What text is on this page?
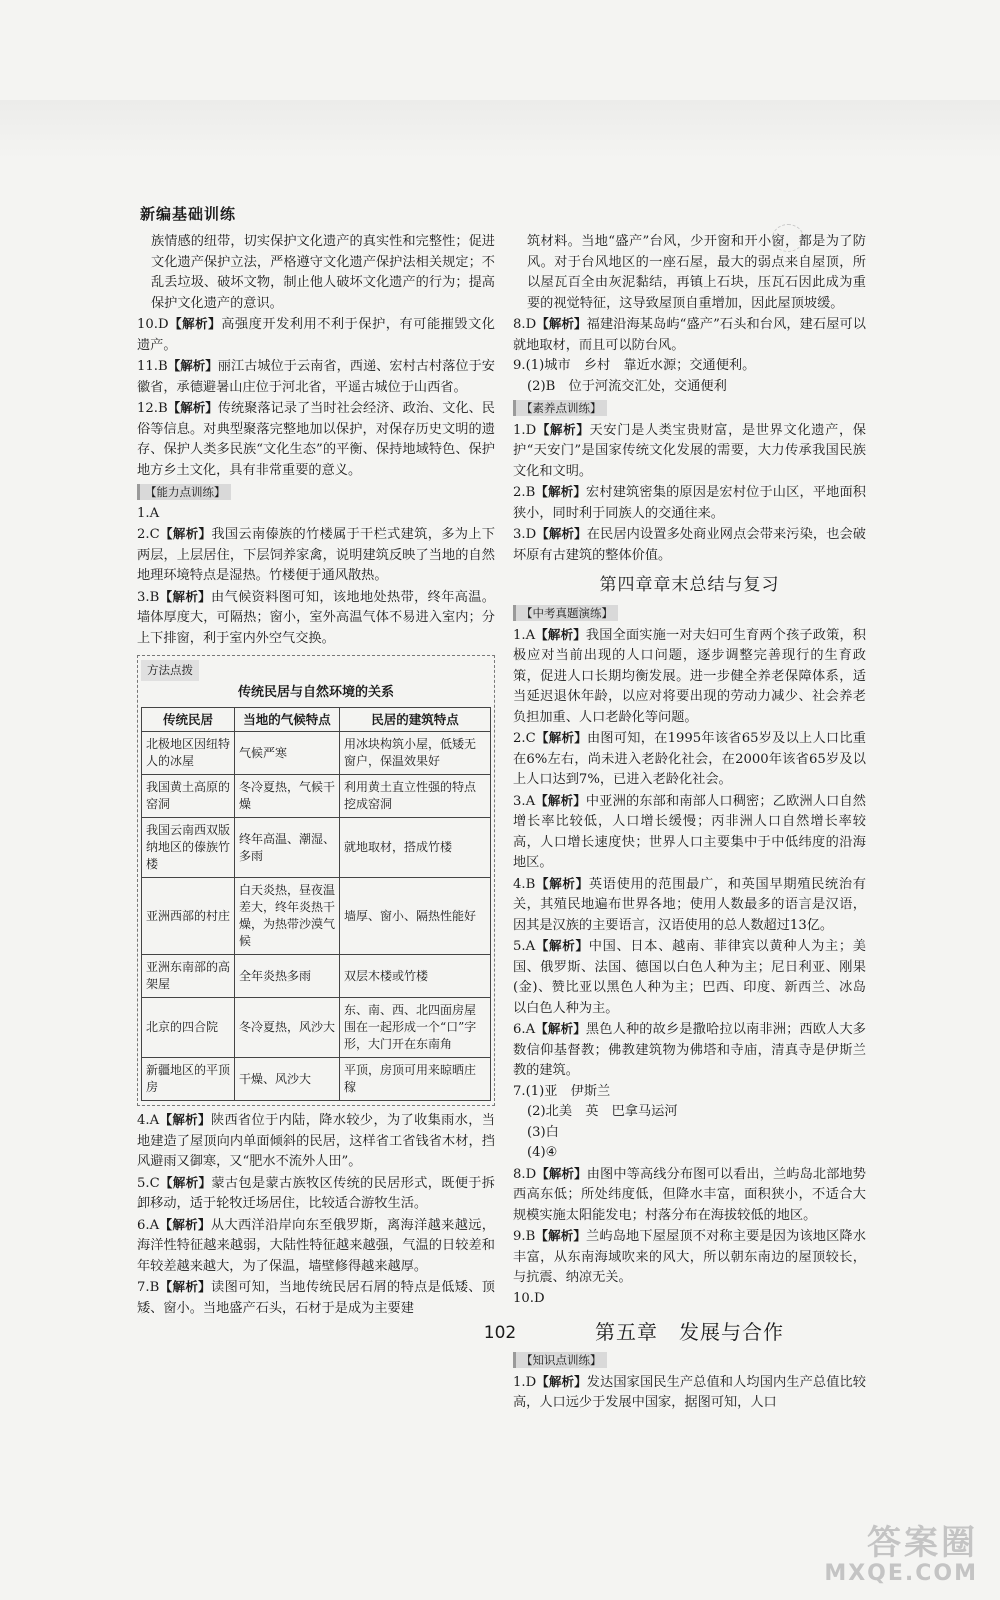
新编基础训练

族情感的纽带，切实保护文化遗产的真实性和完整性；促进文化遗产保护立法，严格遵守文化遗产保护法相关规定；不乱丢垃圾、破坏文物，制止他人破坏文化遗产的行为；提高保护文化遗产的意识。

10.D【解析】高强度开发利用不利于保护，有可能摧毁文化遗产。

11.B【解析】丽江古城位于云南省，西递、宏村古村落位于安徽省，承德避暑山庄位于河北省，平遥古城位于山西省。

12.B【解析】传统聚落记录了当时社会经济、政治、文化、民俗等信息。对典型聚落完整地加以保护，对保存历史文明的遗存、保护人类多民族“文化生态”的平衡、保持地域特色、保护地方乡土文化，具有非常重要的意义。

【能力点训练】

1.A

2.C【解析】我国云南傣族的竹楼属于干栏式建筑，多为上下两层，上层居住，下层饲养家禽，说明建筑反映了当地的自然地理环境特点是湿热。竹楼便于通风散热。

3.B【解析】由气候资料图可知，该地地处热带，终年高温。墙体厚度大，可隔热；窗小，室外高温气体不易进入室内；分上下排窗，利于室内外空气交换。

方法点拨
传统民居与自然环境的关系
传统民居	当地的气候特点	民居的建筑特点
北极地区因纽特人的冰屋	气候严寒	用冰块构筑小屋，低矮无窗户，保温效果好
我国黄土高原的窑洞	冬冷夏热，气候干燥	利用黄土直立性强的特点挖成窑洞
我国云南西双版纳地区的傣族竹楼	终年高温、潮湿、多雨	就地取材，搭成竹楼
亚洲西部的村庄	白天炎热，昼夜温差大，终年炎热干燥，为热带沙漠气候	墙厚、窗小、隔热性能好
亚洲东南部的高架屋	全年炎热多雨	双层木楼或竹楼
北京的四合院	冬冷夏热，风沙大	东、南、西、北四面房屋围在一起形成一个“口”字形，大门开在东南角
新疆地区的平顶房	干燥、风沙大	平顶，房顶可用来晾晒庄稼

4.A【解析】陕西省位于内陆，降水较少，为了收集雨水，当地建造了屋顶向内单面倾斜的民居，这样省工省钱省木材，挡风避雨又御寒，又“肥水不流外人田”。

5.C【解析】蒙古包是蒙古族牧区传统的民居形式，既便于拆卸移动，适于轮牧迁场居住，比较适合游牧生活。

6.A【解析】从大西洋沿岸向东至俄罗斯，离海洋越来越远，海洋性特征越来越弱，大陆性特征越来越强，气温的日较差和年较差越来越大，为了保温，墙壁修得越来越厚。

7.B【解析】读图可知，当地传统民居石屑的特点是低矮、顶矮、窗小。当地盛产石头，石材于是成为主要建

筑材料。当地“盛产”台风，少开窗和开小窗，都是为了防风。对于台风地区的一座石屋，最大的弱点来自屋顶，所以屋瓦百全由灰泥黏结，再镇上石块，压瓦石因此成为重要的视觉特征，这导致屋顶自重增加，因此屋顶坡缓。

8.D【解析】福建沿海某岛屿“盛产”石头和台风，建石屋可以就地取材，而且可以防台风。

9.(1)城市　乡村　靠近水源；交通便利。

(2)B　位于河流交汇处，交通便利

【素养点训练】

1.D【解析】天安门是人类宝贵财富，是世界文化遗产，保护“天安门”是国家传统文化发展的需要，大力传承我国民族文化和文明。

2.B【解析】宏村建筑密集的原因是宏村位于山区，平地面积狭小，同时利于同族人的交通往来。

3.D【解析】在民居内设置多处商业网点会带来污染，也会破坏原有古建筑的整体价值。

第四章章末总结与复习
【中考真题演练】

1.A【解析】我国全面实施一对夫妇可生育两个孩子政策，积极应对当前出现的人口问题，逐步调整完善现行的生育政策，促进人口长期均衡发展。进一步健全养老保障体系，适当延迟退休年龄，以应对将要出现的劳动力减少、社会养老负担加重、人口老龄化等问题。

2.C【解析】由图可知，在1995年该省65岁及以上人口比重在6%左右，尚未进入老龄化社会，在2000年该省65岁及以上人口达到7%，已进入老龄化社会。

3.A【解析】中亚洲的东部和南部人口稠密；乙欧洲人口自然增长率比较低，人口增长缓慢；丙非洲人口自然增长率较高，人口增长速度快；世界人口主要集中于中低纬度的沿海地区。

4.B【解析】英语使用的范围最广，和英国早期殖民统治有关，其殖民地遍布世界各地；使用人数最多的语言是汉语，因其是汉族的主要语言，汉语使用的总人数超过13亿。

5.A【解析】中国、日本、越南、菲律宾以黄种人为主；美国、俄罗斯、法国、德国以白色人种为主；尼日利亚、刚果(金)、赞比亚以黑色人种为主；巴西、印度、新西兰、冰岛以白色人种为主。

6.A【解析】黑色人种的故乡是撒哈拉以南非洲；西欧人大多数信仰基督教；佛教建筑物为佛塔和寺庙，清真寺是伊斯兰教的建筑。

7.(1)亚　伊斯兰

(2)北美　英　巴拿马运河

(3)白

(4)④

8.D【解析】由图中等高线分布图可以看出，兰屿岛北部地势西高东低；所处纬度低，但降水丰富，面积狭小，不适合大规模实施太阳能发电；村落分布在海拔较低的地区。

9.B【解析】兰屿岛地下屋屋顶不对称主要是因为该地区降水丰富，从东南海域吹来的风大，所以朝东南边的屋顶较长，与抗震、纳凉无关。

10.D

第五章　发展与合作
【知识点训练】

1.D【解析】发达国家国民生产总值和人均国内生产总值比较高，人口远少于发展中国家，据图可知，人口

102
答案圈
MXQE.COM
